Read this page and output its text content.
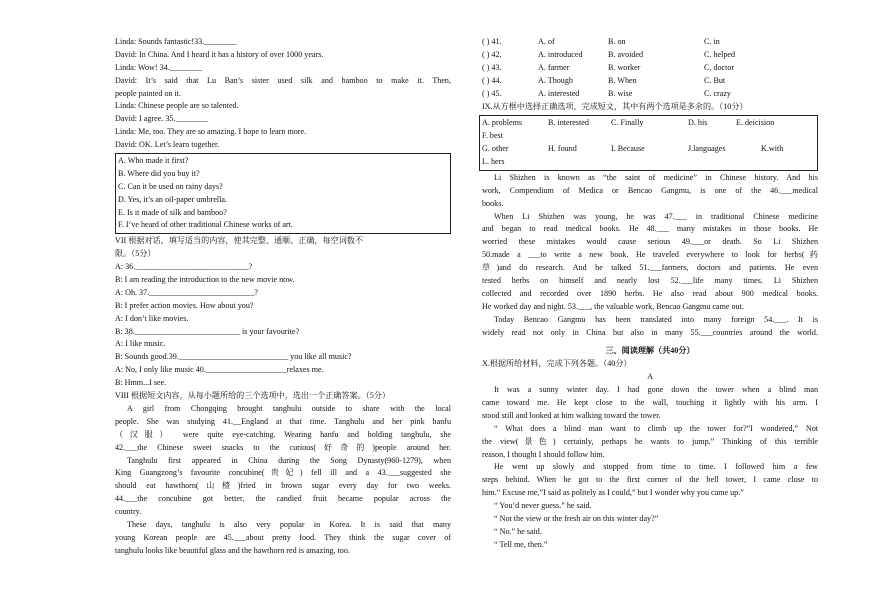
Linda: Sounds fantastic!33.________
David: In China. And I heard it has a history of over 1000 years.
Linda: Wow! 34.________
David: It’s said that Lu Ban’s sister used silk and bamboo to make it. Then,
people painted on it.
Linda: Chinese people are so talented.
David: I agree. 35.________
Linda: Me, too. They are so amazing. I hope to learn more.
David: OK. Let’s learn together.
A. Who made it first?
B. Where did you buy it?
C. Can it be used on rainy days?
D. Yes, it’s an oil-paper umbrella.
E. Is it made of silk and bamboo?
F. I’ve heard of other traditional Chinese works of art.
VII 根据对话，填写适当的内容，使其完整、通顺、正确，每空词数不
限。（5分）
A: 36.____________________________?
B: I am reading the introduction to the new movie now.
A: Oh. 37.__________________________?
B: I prefer action movies. How about you?
A: I don’t like movies.
B: 38.__________________________ is your favourite?
A: I like music.
B: Sounds good.39.___________________________ you like all music?
A: No, I only like music 40.____________________relaxes me.
B: Hmm...I see.
VIII 根据短文内容，从每小题所给的三个选项中，选出一个正确答案。（5分）
A girl from Chongqing brought tanghulu outside to share with the local
people. She was studying 41.__England at that time. Tanghulu and her pink hanfu
（汉服） were quite eye-catching. Wearing hanfu and holding tanghulu, she
42.___the Chinese sweet snacks to the curious(好奇的)people around her.
Tanghulu first appeared in China during the Song Dynasty(960-1279), when
King Guangzong’s favourite concubine(贵妃) fell ill and a 43.___suggested she
should eat hawthorn(山楂)fried in brown sugar every day for two weeks.
44.___the concubine got better, the candied fruit became popular across the
country.
These days, tanghulu is also very popular in Korea. It is said that many
young Korean people are 45.___about pretty food. They think the sugar cover of
tanghulu looks like beautiful glass and the hawthorn red is amazing, too.
( ) 41.	A. of	B. on	C. in
( ) 42.	A. introduced	B. avoided	C. helped
( ) 43.	A. farmer	B. worker	C. doctor
( ) 44.	A. Though	B. When	C. But
( ) 45.	A. interested	B. wise	C. crazy
IX.从方框中选择正确选项，完成短文，其中有两个选项是多余的。（10分）
A. problems	B. interested	C. Finally	D. his	E. deicision
F. best
G. other	H. found	I. Because	J.languages	K.with
L. hers
Li Shizhen is known as “the saint of medicine” in Chinese history. And his
work, Compendium of Medica or Bencao Gangmu, is one of the 46.___medical
books.
When Li Shizhen was young, he was 47.___ in traditional Chinese medicine
and began to read medical books. He 48.___ many mistakes in those books. He
worried these mistakes would cause serious 49.___or death. So Li Shizhen
50.made a ___to write a new book. He traveled everywhere to look for herbs(药
草)and do research. And he talked 51.___farmers, doctors and patients. He even
tested herbs on himself and nearly lost 52.___life many times. Li Shizhen
collected and recorded over 1890 herbs. He also read about 900 medical books.
He worked day and night. 53.___, the valuable work, Bencao Gangmu came out.
Today Bencao Gangmu has been translated into many foreign 54.___. It is
widely read not only in China but also in many 55.___countries around the world.
三、阅读理解（共40分）
X.根据所给材料，完成下列各题。（40分）
A
It was a sunny winter day. I had gone down the tower when a blind man
came toward me. He kept close to the wall, touching it lightly with his arm. I
stood still and looked at him walking toward the tower.
“ What does a blind man want to climb up the tower for?”I wondered,” Not
the view(景色) certainly, perhaps he wants to jump.” Thinking of this terrible
reason, I thought I should follow him.
He went up slowly and stopped from time to time. I followed him a few
steps behind. When he got to the first corner of the bell tower, I came close to
him.” Excuse me,”I said as politely as I could,” but I wonder why you came up.”
“ You’d never guess.” he said.
“ Not the view or the fresh air on this winter day?”
“ No.” he said.
“ Tell me, then.”
